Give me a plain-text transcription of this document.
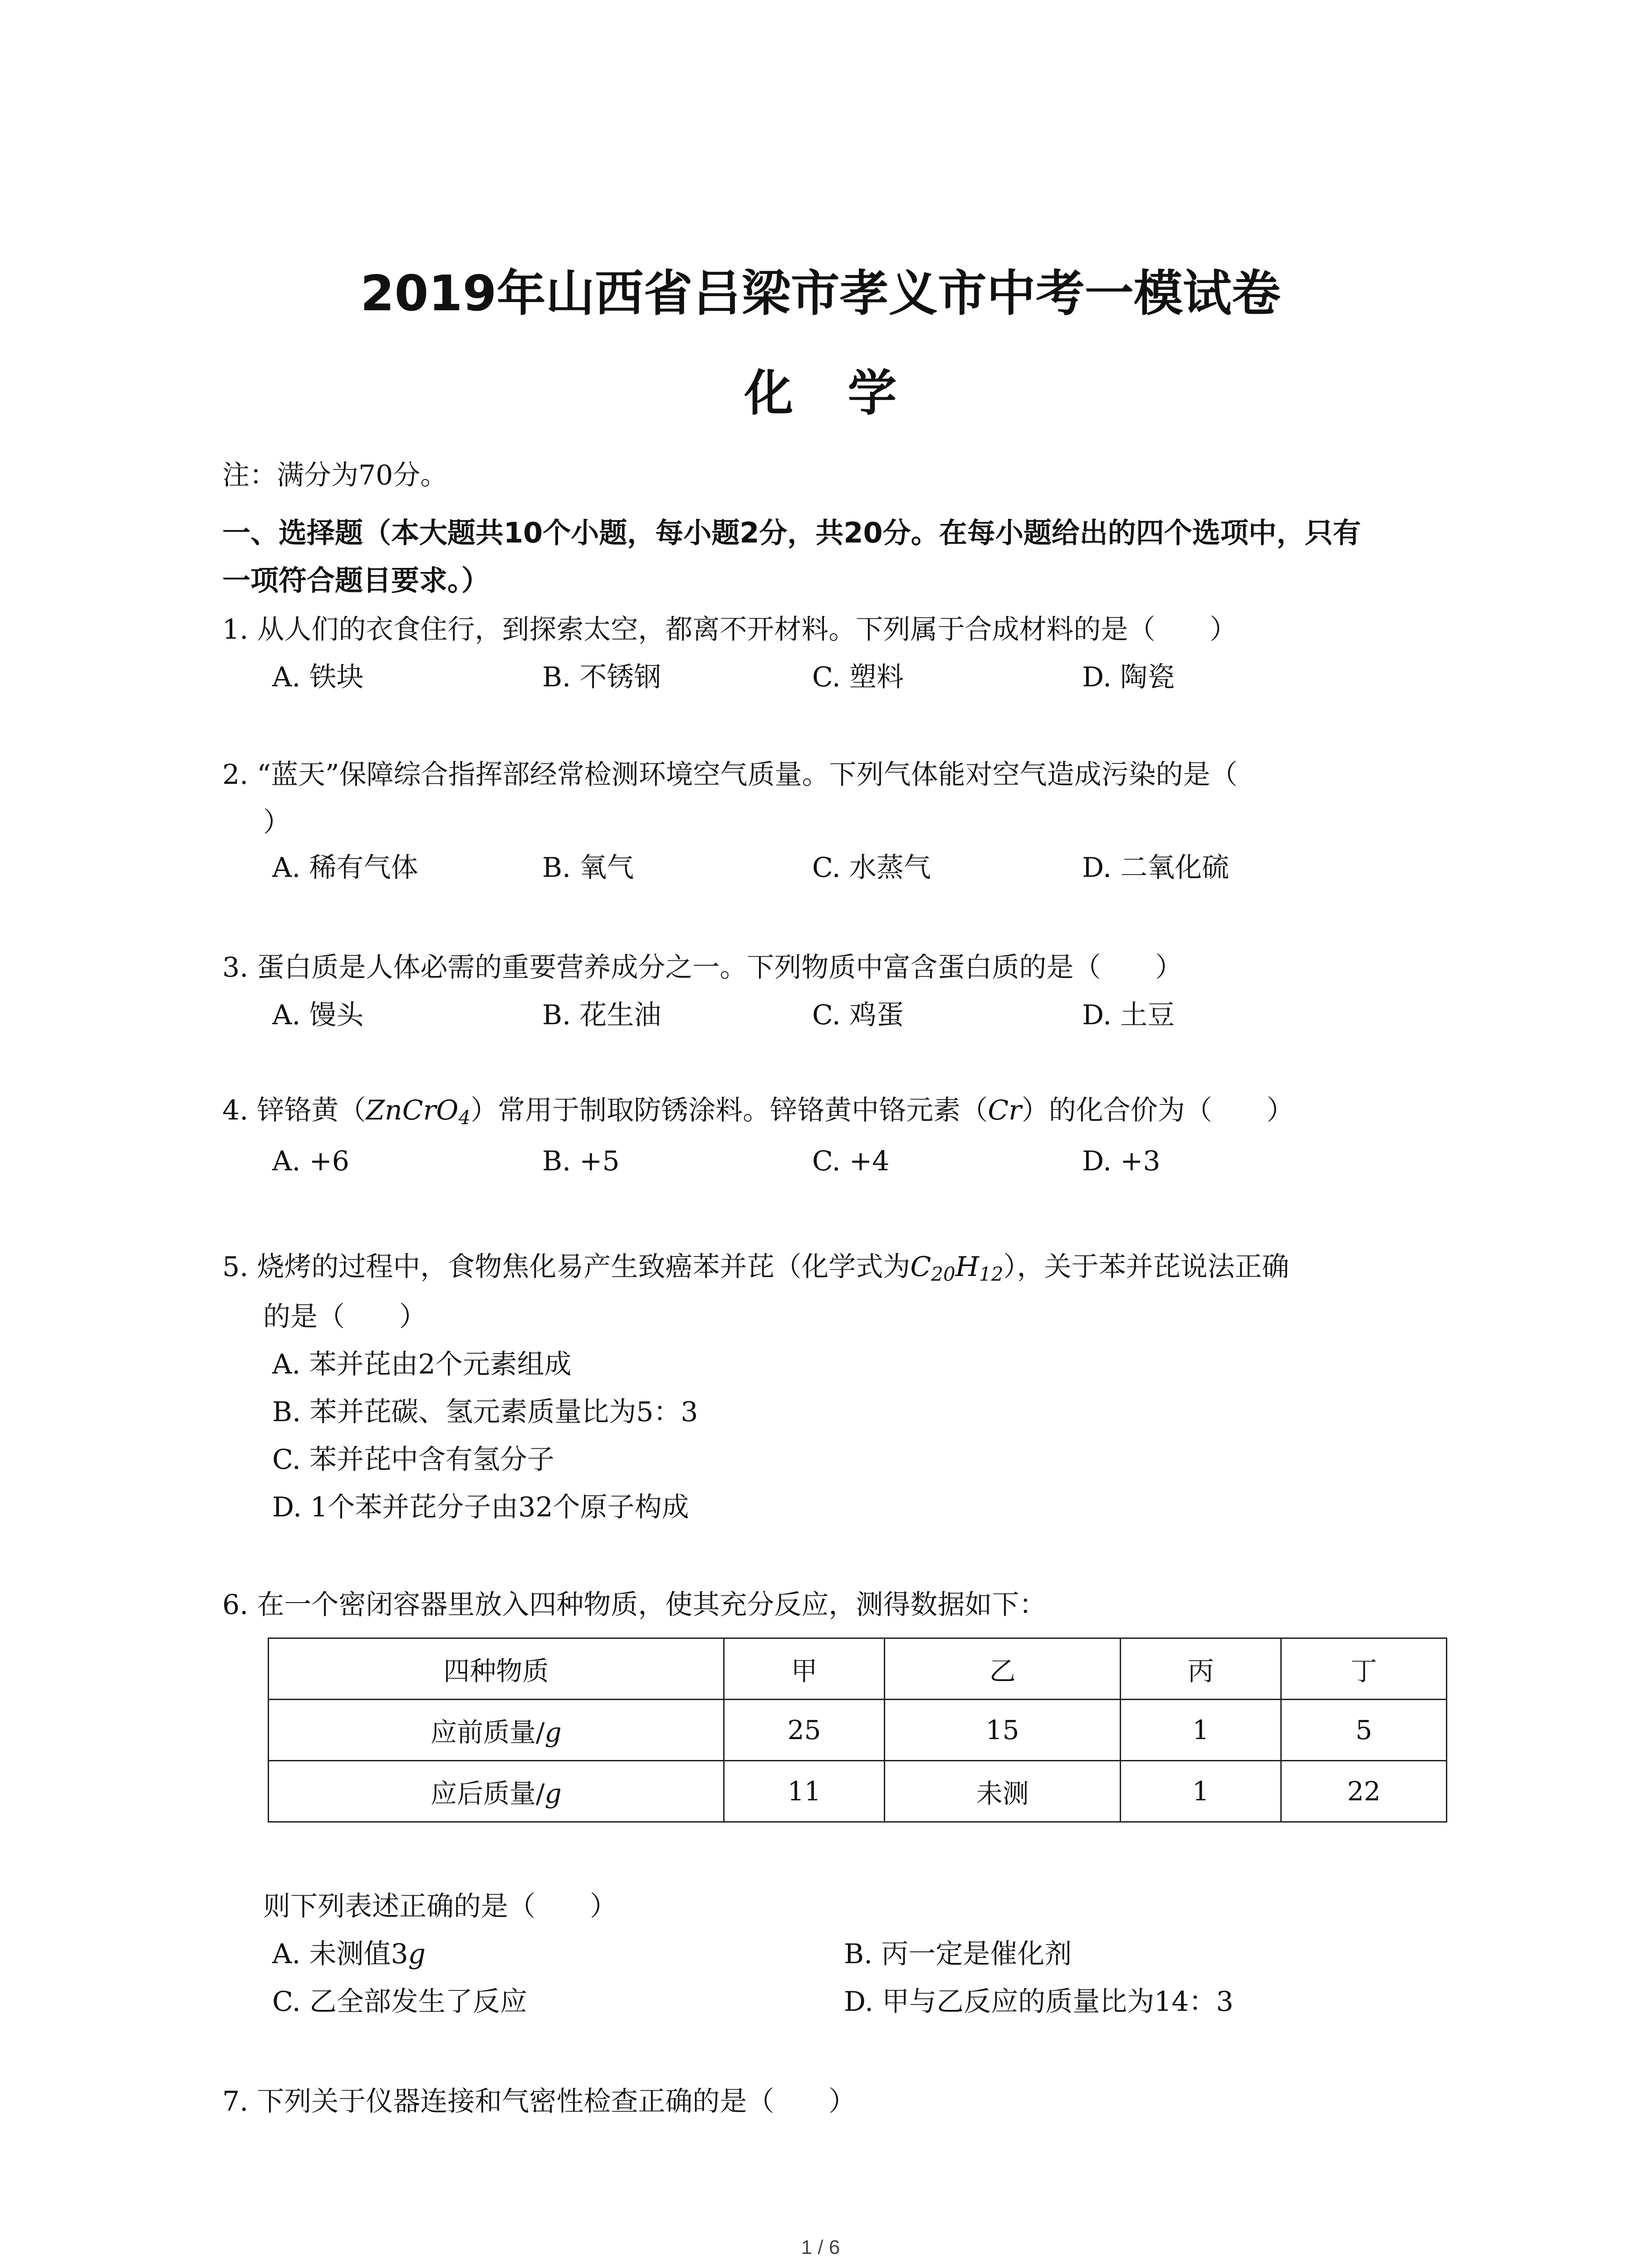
2019年山西省吕梁市孝义市中考一模试卷
化学
注：满分为70分。
一、选择题（本大题共10个小题，每小题2分，共20分。在每小题给出的四个选项中，只有
一项符合题目要求。）
1. 从人们的衣食住行，到探索太空，都离不开材料。下列属于合成材料的是（　　）
A. 铁块	B. 不锈钢	C. 塑料	D. 陶瓷
2. “蓝天”保障综合指挥部经常检测环境空气质量。下列气体能对空气造成污染的是（
）
A. 稀有气体	B. 氧气	C. 水蒸气	D. 二氧化硫
3. 蛋白质是人体必需的重要营养成分之一。下列物质中富含蛋白质的是（　　）
A. 馒头	B. 花生油	C. 鸡蛋	D. 土豆
4. 锌铬黄（ZnCrO$_4$）常用于制取防锈涂料。锌铬黄中铬元素（Cr）的化合价为（　　）
A. +6	B. +5	C. +4	D. +3
5. 烧烤的过程中，食物焦化易产生致癌苯并芘（化学式为$C_{20}H_{12}$），关于苯并芘说法正确
的是（　　）
A. 苯并芘由2个元素组成
B. 苯并芘碳、氢元素质量比为5：3
C. 苯并芘中含有氢分子
D. 1个苯并芘分子由32个原子构成
6. 在一个密闭容器里放入四种物质，使其充分反应，测得数据如下：
四种物质	甲	乙	丙	丁
应前质量/g	25	15	1	5
应后质量/g	11	未测	1	22
则下列表述正确的是（　　）
A. 未测值3g	B. 丙一定是催化剂
C. 乙全部发生了反应	D. 甲与乙反应的质量比为14：3
7. 下列关于仪器连接和气密性检查正确的是（　　）
1 / 6
